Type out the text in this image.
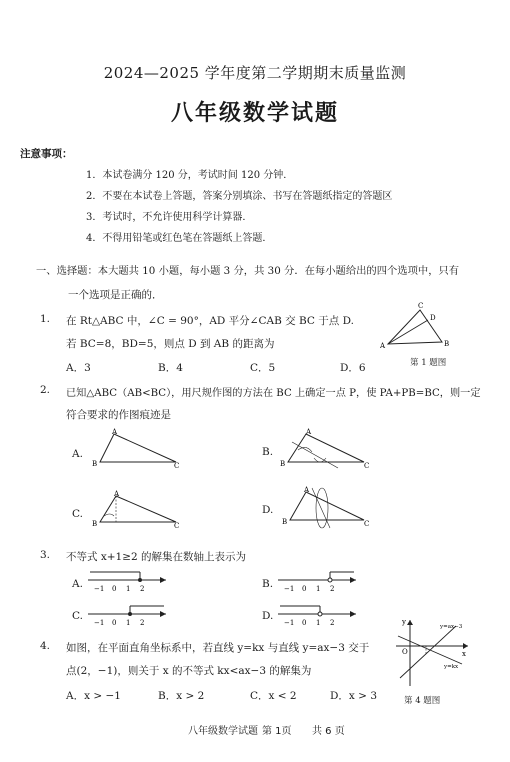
2024—2025 学年度第二学期期末质量监测
八年级数学试题
注意事项：
1．本试卷满分 120 分，考试时间 120 分钟．
2．不要在本试卷上答题，答案分别填涂、书写在答题纸指定的答题区
3．考试时，不允许使用科学计算器．
4．不得用铅笔或红色笔在答题纸上答题．
一、选择题：本大题共 10 小题，每小题 3 分，共 30 分．在每小题给出的四个选项中，只有
一个选项是正确的．
1. 在 Rt△ABC 中，∠C = 90°，AD 平分∠CAB 交 BC 于点 D.
若 BC=8，BD=5，则点 D 到 AB 的距离为
A．3	B．4	C．5	D．6
A
C
D
B
第 1 题图
2. 已知△ABC（AB<BC），用尺规作图的方法在 BC 上确定一点 P，使 PA+PB=BC，则一定
符合要求的作图痕迹是
A.
A
B	C
B.
A
B	C
C.
A
B	C
D.
A
B	C
3. 不等式 x+1≥2 的解集在数轴上表示为
A. −1 0 1 2	B. −1 0 1 2
C.
−1 0 1 2
D.
−1 0 1 2
4. 如图，在平面直角坐标系中，若直线 y=kx 与直线 y=ax−3 交于
点(2，−1)，则关于 x 的不等式 kx<ax−3 的解集为
A．x > −1	B．x > 2	C．x < 2	D．x > 3
y
x
O
y=kx
y=ax−3
第 4 题图
八年级数学试题 第 1页 共 6 页
